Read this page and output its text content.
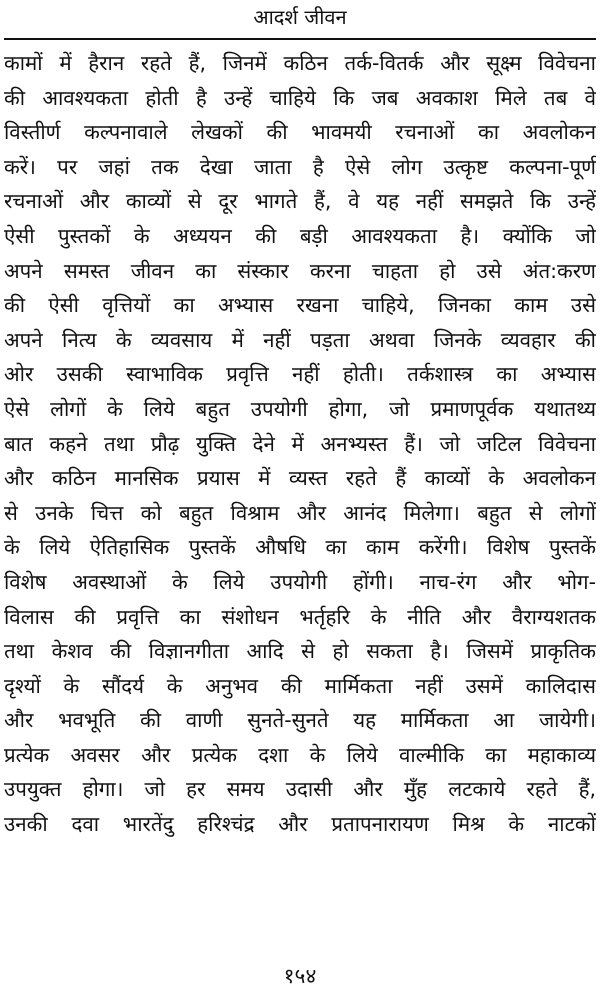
आदर्श जीवन
कामों में हैरान रहते हैं, जिनमें कठिन तर्क-वितर्क और सूक्ष्म विवेचना
की आवश्यकता होती है उन्हें चाहिये कि जब अवकाश मिले तब वे
विस्तीर्ण कल्पनावाले लेखकों की भावमयी रचनाओं का अवलोकन
करें। पर जहां तक देखा जाता है ऐसे लोग उत्कृष्ट कल्पना-पूर्ण
रचनाओं और काव्यों से दूर भागते हैं, वे यह नहीं समझते कि उन्हें
ऐसी पुस्तकों के अध्ययन की बड़ी आवश्यकता है। क्योंकि जो
अपने समस्त जीवन का संस्कार करना चाहता हो उसे अंत:करण
की ऐसी वृत्तियों का अभ्यास रखना चाहिये, जिनका काम उसे
अपने नित्य के व्यवसाय में नहीं पड़ता अथवा जिनके व्यवहार की
ओर उसकी स्वाभाविक प्रवृत्ति नहीं होती। तर्कशास्त्र का अभ्यास
ऐसे लोगों के लिये बहुत उपयोगी होगा, जो प्रमाणपूर्वक यथातथ्य
बात कहने तथा प्रौढ़ युक्ति देने में अनभ्यस्त हैं। जो जटिल विवेचना
और कठिन मानसिक प्रयास में व्यस्त रहते हैं काव्यों के अवलोकन
से उनके चित्त को बहुत विश्राम और आनंद मिलेगा। बहुत से लोगों
के लिये ऐतिहासिक पुस्तकें औषधि का काम करेंगी। विशेष पुस्तकें
विशेष अवस्थाओं के लिये उपयोगी होंगी। नाच-रंग और भोग-
विलास की प्रवृत्ति का संशोधन भर्तृहरि के नीति और वैराग्यशतक
तथा केशव की विज्ञानगीता आदि से हो सकता है। जिसमें प्राकृतिक
दृश्यों के सौंदर्य के अनुभव की मार्मिकता नहीं उसमें कालिदास
और भवभूति की वाणी सुनते-सुनते यह मार्मिकता आ जायेगी।
प्रत्येक अवसर और प्रत्येक दशा के लिये वाल्मीकि का महाकाव्य
उपयुक्त होगा। जो हर समय उदासी और मुँह लटकाये रहते हैं,
उनकी दवा भारतेंदु हरिश्चंद्र और प्रतापनारायण मिश्र के नाटकों
१५४
